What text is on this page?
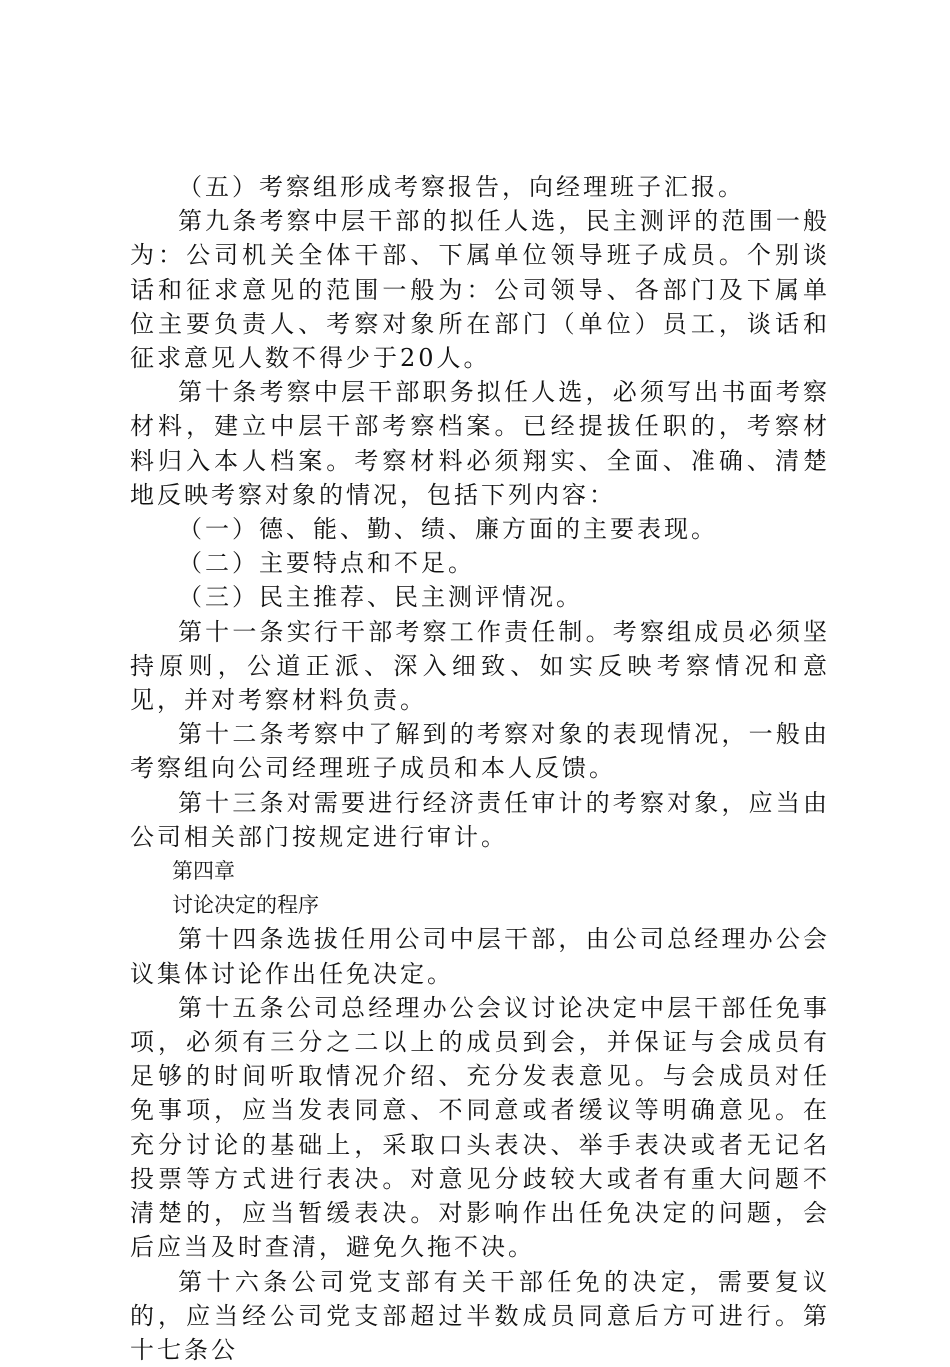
（五）考察组形成考察报告，向经理班子汇报。

第九条考察中层干部的拟任人选，民主测评的范围一般为：公司机关全体干部、下属单位领导班子成员。个别谈话和征求意见的范围一般为：公司领导、各部门及下属单位主要负责人、考察对象所在部门（单位）员工，谈话和征求意见人数不得少于20人。

第十条考察中层干部职务拟任人选，必须写出书面考察材料，建立中层干部考察档案。已经提拔任职的，考察材料归入本人档案。考察材料必须翔实、全面、准确、清楚地反映考察对象的情况，包括下列内容：

（一）德、能、勤、绩、廉方面的主要表现。

（二）主要特点和不足。

（三）民主推荐、民主测评情况。

第十一条实行干部考察工作责任制。考察组成员必须坚持原则，公道正派、深入细致、如实反映考察情况和意见，并对考察材料负责。

第十二条考察中了解到的考察对象的表现情况，一般由考察组向公司经理班子成员和本人反馈。

第十三条对需要进行经济责任审计的考察对象，应当由公司相关部门按规定进行审计。

第四章

讨论决定的程序

第十四条选拔任用公司中层干部，由公司总经理办公会议集体讨论作出任免决定。

第十五条公司总经理办公会议讨论决定中层干部任免事项，必须有三分之二以上的成员到会，并保证与会成员有足够的时间听取情况介绍、充分发表意见。与会成员对任免事项，应当发表同意、不同意或者缓议等明确意见。在充分讨论的基础上，采取口头表决、举手表决或者无记名投票等方式进行表决。对意见分歧较大或者有重大问题不清楚的，应当暂缓表决。对影响作出任免决定的问题，会后应当及时查清，避免久拖不决。

第十六条公司党支部有关干部任免的决定，需要复议的，应当经公司党支部超过半数成员同意后方可进行。第十七条公
